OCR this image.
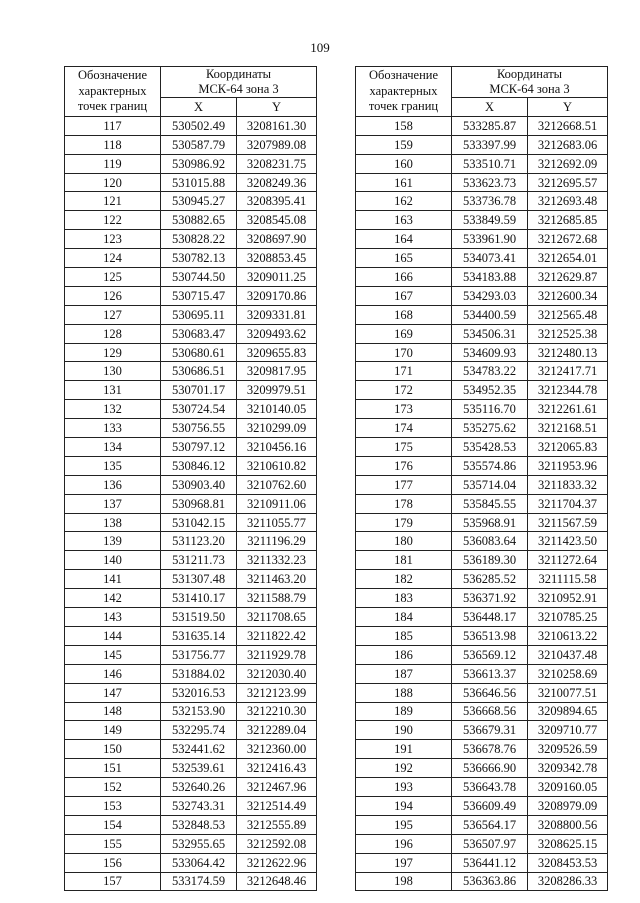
109
Обозначение
характерных
точек границ	Координаты
МСК-64 зона 3	
	X	Y
117	530502.49	3208161.30
118	530587.79	3207989.08
119	530986.92	3208231.75
120	531015.88	3208249.36
121	530945.27	3208395.41
122	530882.65	3208545.08
123	530828.22	3208697.90
124	530782.13	3208853.45
125	530744.50	3209011.25
126	530715.47	3209170.86
127	530695.11	3209331.81
128	530683.47	3209493.62
129	530680.61	3209655.83
130	530686.51	3209817.95
131	530701.17	3209979.51
132	530724.54	3210140.05
133	530756.55	3210299.09
134	530797.12	3210456.16
135	530846.12	3210610.82
136	530903.40	3210762.60
137	530968.81	3210911.06
138	531042.15	3211055.77
139	531123.20	3211196.29
140	531211.73	3211332.23
141	531307.48	3211463.20
142	531410.17	3211588.79
143	531519.50	3211708.65
144	531635.14	3211822.42
145	531756.77	3211929.78
146	531884.02	3212030.40
147	532016.53	3212123.99
148	532153.90	3212210.30
149	532295.74	3212289.04
150	532441.62	3212360.00
151	532539.61	3212416.43
152	532640.26	3212467.96
153	532743.31	3212514.49
154	532848.53	3212555.89
155	532955.65	3212592.08
156	533064.42	3212622.96
157	533174.59	3212648.46
Обозначение
характерных
точек границ	Координаты
МСК-64 зона 3	
	X	Y
158	533285.87	3212668.51
159	533397.99	3212683.06
160	533510.71	3212692.09
161	533623.73	3212695.57
162	533736.78	3212693.48
163	533849.59	3212685.85
164	533961.90	3212672.68
165	534073.41	3212654.01
166	534183.88	3212629.87
167	534293.03	3212600.34
168	534400.59	3212565.48
169	534506.31	3212525.38
170	534609.93	3212480.13
171	534783.22	3212417.71
172	534952.35	3212344.78
173	535116.70	3212261.61
174	535275.62	3212168.51
175	535428.53	3212065.83
176	535574.86	3211953.96
177	535714.04	3211833.32
178	535845.55	3211704.37
179	535968.91	3211567.59
180	536083.64	3211423.50
181	536189.30	3211272.64
182	536285.52	3211115.58
183	536371.92	3210952.91
184	536448.17	3210785.25
185	536513.98	3210613.22
186	536569.12	3210437.48
187	536613.37	3210258.69
188	536646.56	3210077.51
189	536668.56	3209894.65
190	536679.31	3209710.77
191	536678.76	3209526.59
192	536666.90	3209342.78
193	536643.78	3209160.05
194	536609.49	3208979.09
195	536564.17	3208800.56
196	536507.97	3208625.15
197	536441.12	3208453.53
198	536363.86	3208286.33
